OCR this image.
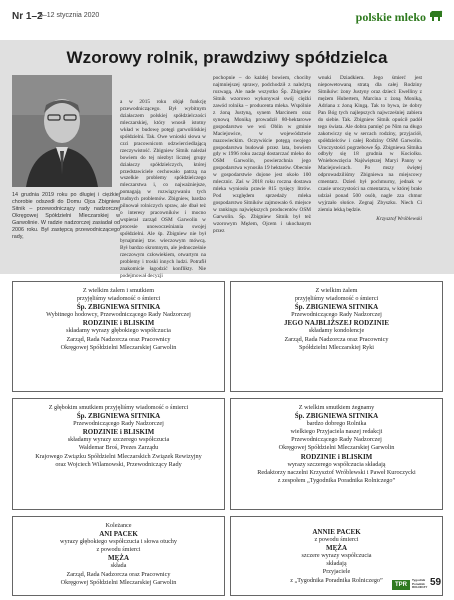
Nr 1–2
5–12 stycznia 2020	polskie mleko
Wzorowy rolnik, prawdziwy spółdzielca

14 grudnia 2019 roku po długiej i ciężkiej chorobie odszedł do Domu Ojca Zbigniew Sitnik – przewodniczący rady nadzorczej Okręgowej Spółdzielni Mleczarskiej w Garwolinie. W radzie nadzorczej zasiadał od 2006 roku. Był zastępcą przewodniczącego rady,

a w 2015 roku objął funkcję przewodniczącego. Był wybitnym działaczem polskiej spółdzielczości mleczarskiej, który wnosił istotny wkład w budowę potęgi garwolińskiej spółdzielni. Tak. Owe wnioski słowa w czci pracownicom odzwierciedlającą rzeczywistość. Zbigniew Sitnik należał bowiem do tej niezbyt licznej grupy działaczy spółdzielczych, której przedstawiciele cechowało patrzą na wszelkie problemy spółdzielczego mleczarstwa i, co najważniejsze, pomagają w rozwiązywaniu tych trudnych problemów. Zbigniew, bardzo pilnował rolniczych spraw, ale dbał też o interesy pracowników i mocno wspierał zarząd OSM Garwolin w procesie unowocześniania swojej spółdzielni. Ale śp. Zbigniew nie był bynajmniej tzw. wieczowym mówcą. Był bardzo skromnym, ale jednocześnie rzeczowym człowiekiem, otwartym na problemy i troski innych ludzi. Potrafił znakomicie łagodzić konflikty. Nie podejmował decyzji

pochopnie – do każdej bowiem, chociby najmniejszej sprawy, podchodził z należytą rozwagą. Ale nade wszystko Śp. Zbigniew Sitnik wzorowo wykonywał swój ciężki zawód rolnika – producenta mleka. Wspólnie z żoną Justyną, synem Marcinem oraz synową Moniką prowadził 80-hektarowe gospodarstwo we wsi Oblin w gminie Maciejowice, w województwie mazowieckim. Oczywiście potęgą swojego gospodarstwa budował przez lata, bowiem gdy w 1996 roku zaczął dostarczać mleko do OSM Garwolin, powierzchnia jego gospodarstwa wynosiła 19 hektarów. Obecnie w gospodarstwie dojone jest około 100 mlecznic. Zaś w 2018 roku roczna dostawa mleka wyniosła prawie 815 tysięcy litrów. Pod względem sprzedaży mleka gospodarstwo Sitników zajmowało 6. miejsce w rankingu największych producentów OSM Garwolin. Śp. Zbigniew Sitnik był też wzorowym Mężem, Ojcem i ukochanym przez

wnuki Dziadkiem. Jego śmierć jest niepowetowaną stratą dla całej Rodziny Sitników: żony Justyny oraz dzieci: Ewelliny z mężem Hubertem, Marcina z żoną Moniką, Adriana z żoną Kingą. Tak to bywa, że dobry Pan Bóg tych najlepszych najwcześniej zabiera do siebie. Tak. Zbigniew Sitnik opuścił padół tego świata. Ale dobra pamięć po Nim na długo zakotwiczy się w sercach rodziny, przyjaciół, spółdzielców i całej Rodziny OSM Garwolin. Uroczystości pogrzebowe Śp. Zbigniewa Sitnika odbyły się 18 grudnia w Kociolku. Wniebowzięcia Najświętszej Maryi Panny w Maciejowicach. Po mszy świętej odprowadziliśmy Zbigniewa na miejscowy cmentarz. Dzień był pochmurny, jednak w czasie uroczystości na cmentarzu, w której brało udział ponad 500 osób, nagle zza chmur wyjrzało słońce. Zegnaj Zbyszku. Niech Ci ziemia lekką będzie.

Krzysztof Wróblewski
Z wielkim żalem i smutkiem
przyjęliśmy wiadomość o śmierci
Śp. ZBIGNIEWA SITNIKA
Wybitnego hodowcy, Przewodniczącego Rady Nadzorczej
RODZINIE i BLISKIM
składamy wyrazy głębokiego współczucia
Zarząd, Rada Nadzorcza oraz Pracownicy
Okręgowej Spółdzielni Mleczarskiej Garwolin
Z wielkim żalem
przyjęliśmy wiadomość o śmierci
Śp. ZBIGNIEWA SITNIKA
Przewodniczącego Rady Nadzorczej
JEGO NAJBLIŻSZEJ RODZINIE
składamy kondolencje
Zarząd, Rada Nadzorcza oraz Pracownicy
Spółdzielni Mleczarskiej Ryki
Z głębokim smutkiem przyjęliśmy wiadomość o śmierci
Śp. ZBIGNIEWA SITNIKA
Przewodniczącego Rady Nadzorczej
RODZINIE i BLISKIM
składamy wyrazy szczerego współczucia
Waldemar Broś, Prezes Zarządu
Krajowego Związku Spółdzielni Mleczarskich Związek Rewizyjny
oraz Wojciech Wilamowski, Przewodniczący Rady
Z wielkim smutkiem żegnamy
Śp. ZBIGNIEWA SITNIKA
bardzo dobrego Rolnika
wielkiego Przyjaciela naszej redakcji
Przewodniczącego Rady Nadzorczej
Okręgowej Spółdzielni Mleczarskiej Garwolin
RODZINIE i BLISKIM
wyrazy szczerego współczucia składają
Redaktorzy naczelni Krzysztof Wróblewski i Paweł Kuroczycki
z zespołem „Tygodnika Poradnika Rolniczego”
Koleżance
ANI PACEK
wyrazy głębokiego współczucia i słowa otuchy
z powodu śmierci
MĘŻA
składa
Zarząd, Rada Nadzorcza oraz Pracownicy
Okręgowej Spółdzielni Mleczarskiej Garwolin
ANNIE PACEK
z powodu śmierci
MĘŻA
szczere wyrazy współczucia
składają
Przyjaciele
z „Tygodnika Poradnika Rolniczego”
TPR
Tygodnik Poradnik ROLNICZY 59
